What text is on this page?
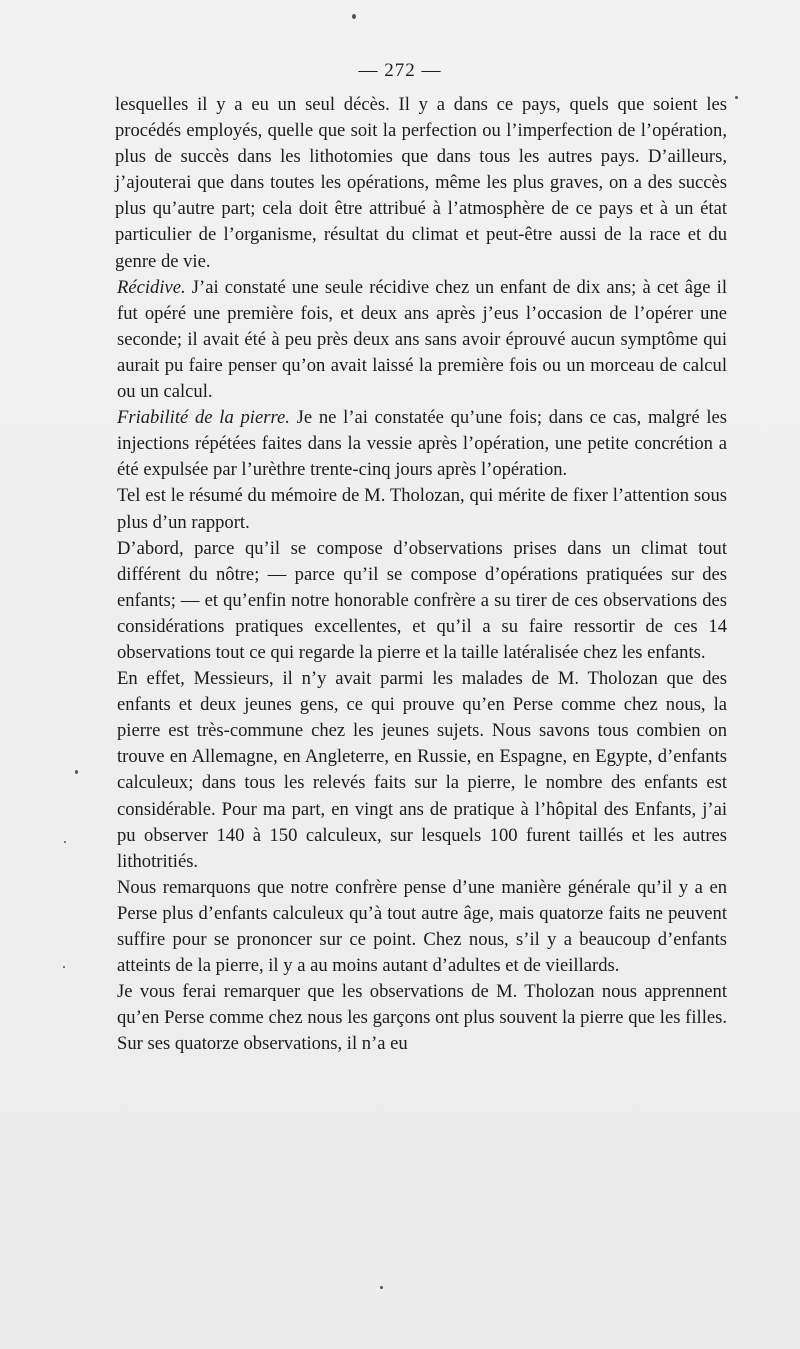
— 272 —

lesquelles il y a eu un seul décès. Il y a dans ce pays, quels que soient les procédés employés, quelle que soit la perfection ou l’imperfection de l’opération, plus de succès dans les lithotomies que dans tous les autres pays. D’ailleurs, j’ajouterai que dans toutes les opérations, même les plus graves, on a des succès plus qu’autre part; cela doit être attribué à l’atmosphère de ce pays et à un état particulier de l’organisme, résultat du climat et peut-être aussi de la race et du genre de vie.

Récidive. J’ai constaté une seule récidive chez un enfant de dix ans; à cet âge il fut opéré une première fois, et deux ans après j’eus l’occasion de l’opérer une seconde; il avait été à peu près deux ans sans avoir éprouvé aucun symptôme qui aurait pu faire penser qu’on avait laissé la première fois ou un morceau de calcul ou un calcul.

Friabilité de la pierre. Je ne l’ai constatée qu’une fois; dans ce cas, malgré les injections répétées faites dans la vessie après l’opération, une petite concrétion a été expulsée par l’urèthre trente-cinq jours après l’opération.

Tel est le résumé du mémoire de M. Tholozan, qui mérite de fixer l’attention sous plus d’un rapport.

D’abord, parce qu’il se compose d’observations prises dans un climat tout différent du nôtre; — parce qu’il se compose d’opérations pratiquées sur des enfants; — et qu’enfin notre honorable confrère a su tirer de ces observations des considérations pratiques excellentes, et qu’il a su faire ressortir de ces 14 observations tout ce qui regarde la pierre et la taille latéralisée chez les enfants.

En effet, Messieurs, il n’y avait parmi les malades de M. Tholozan que des enfants et deux jeunes gens, ce qui prouve qu’en Perse comme chez nous, la pierre est très-commune chez les jeunes sujets. Nous savons tous combien on trouve en Allemagne, en Angleterre, en Russie, en Espagne, en Egypte, d’enfants calculeux; dans tous les relevés faits sur la pierre, le nombre des enfants est considérable. Pour ma part, en vingt ans de pratique à l’hôpital des Enfants, j’ai pu observer 140 à 150 calculeux, sur lesquels 100 furent taillés et les autres lithotritiés.

Nous remarquons que notre confrère pense d’une manière générale qu’il y a en Perse plus d’enfants calculeux qu’à tout autre âge, mais quatorze faits ne peuvent suffire pour se prononcer sur ce point. Chez nous, s’il y a beaucoup d’enfants atteints de la pierre, il y a au moins autant d’adultes et de vieillards.

Je vous ferai remarquer que les observations de M. Tholozan nous apprennent qu’en Perse comme chez nous les garçons ont plus souvent la pierre que les filles. Sur ses quatorze observations, il n’a eu
